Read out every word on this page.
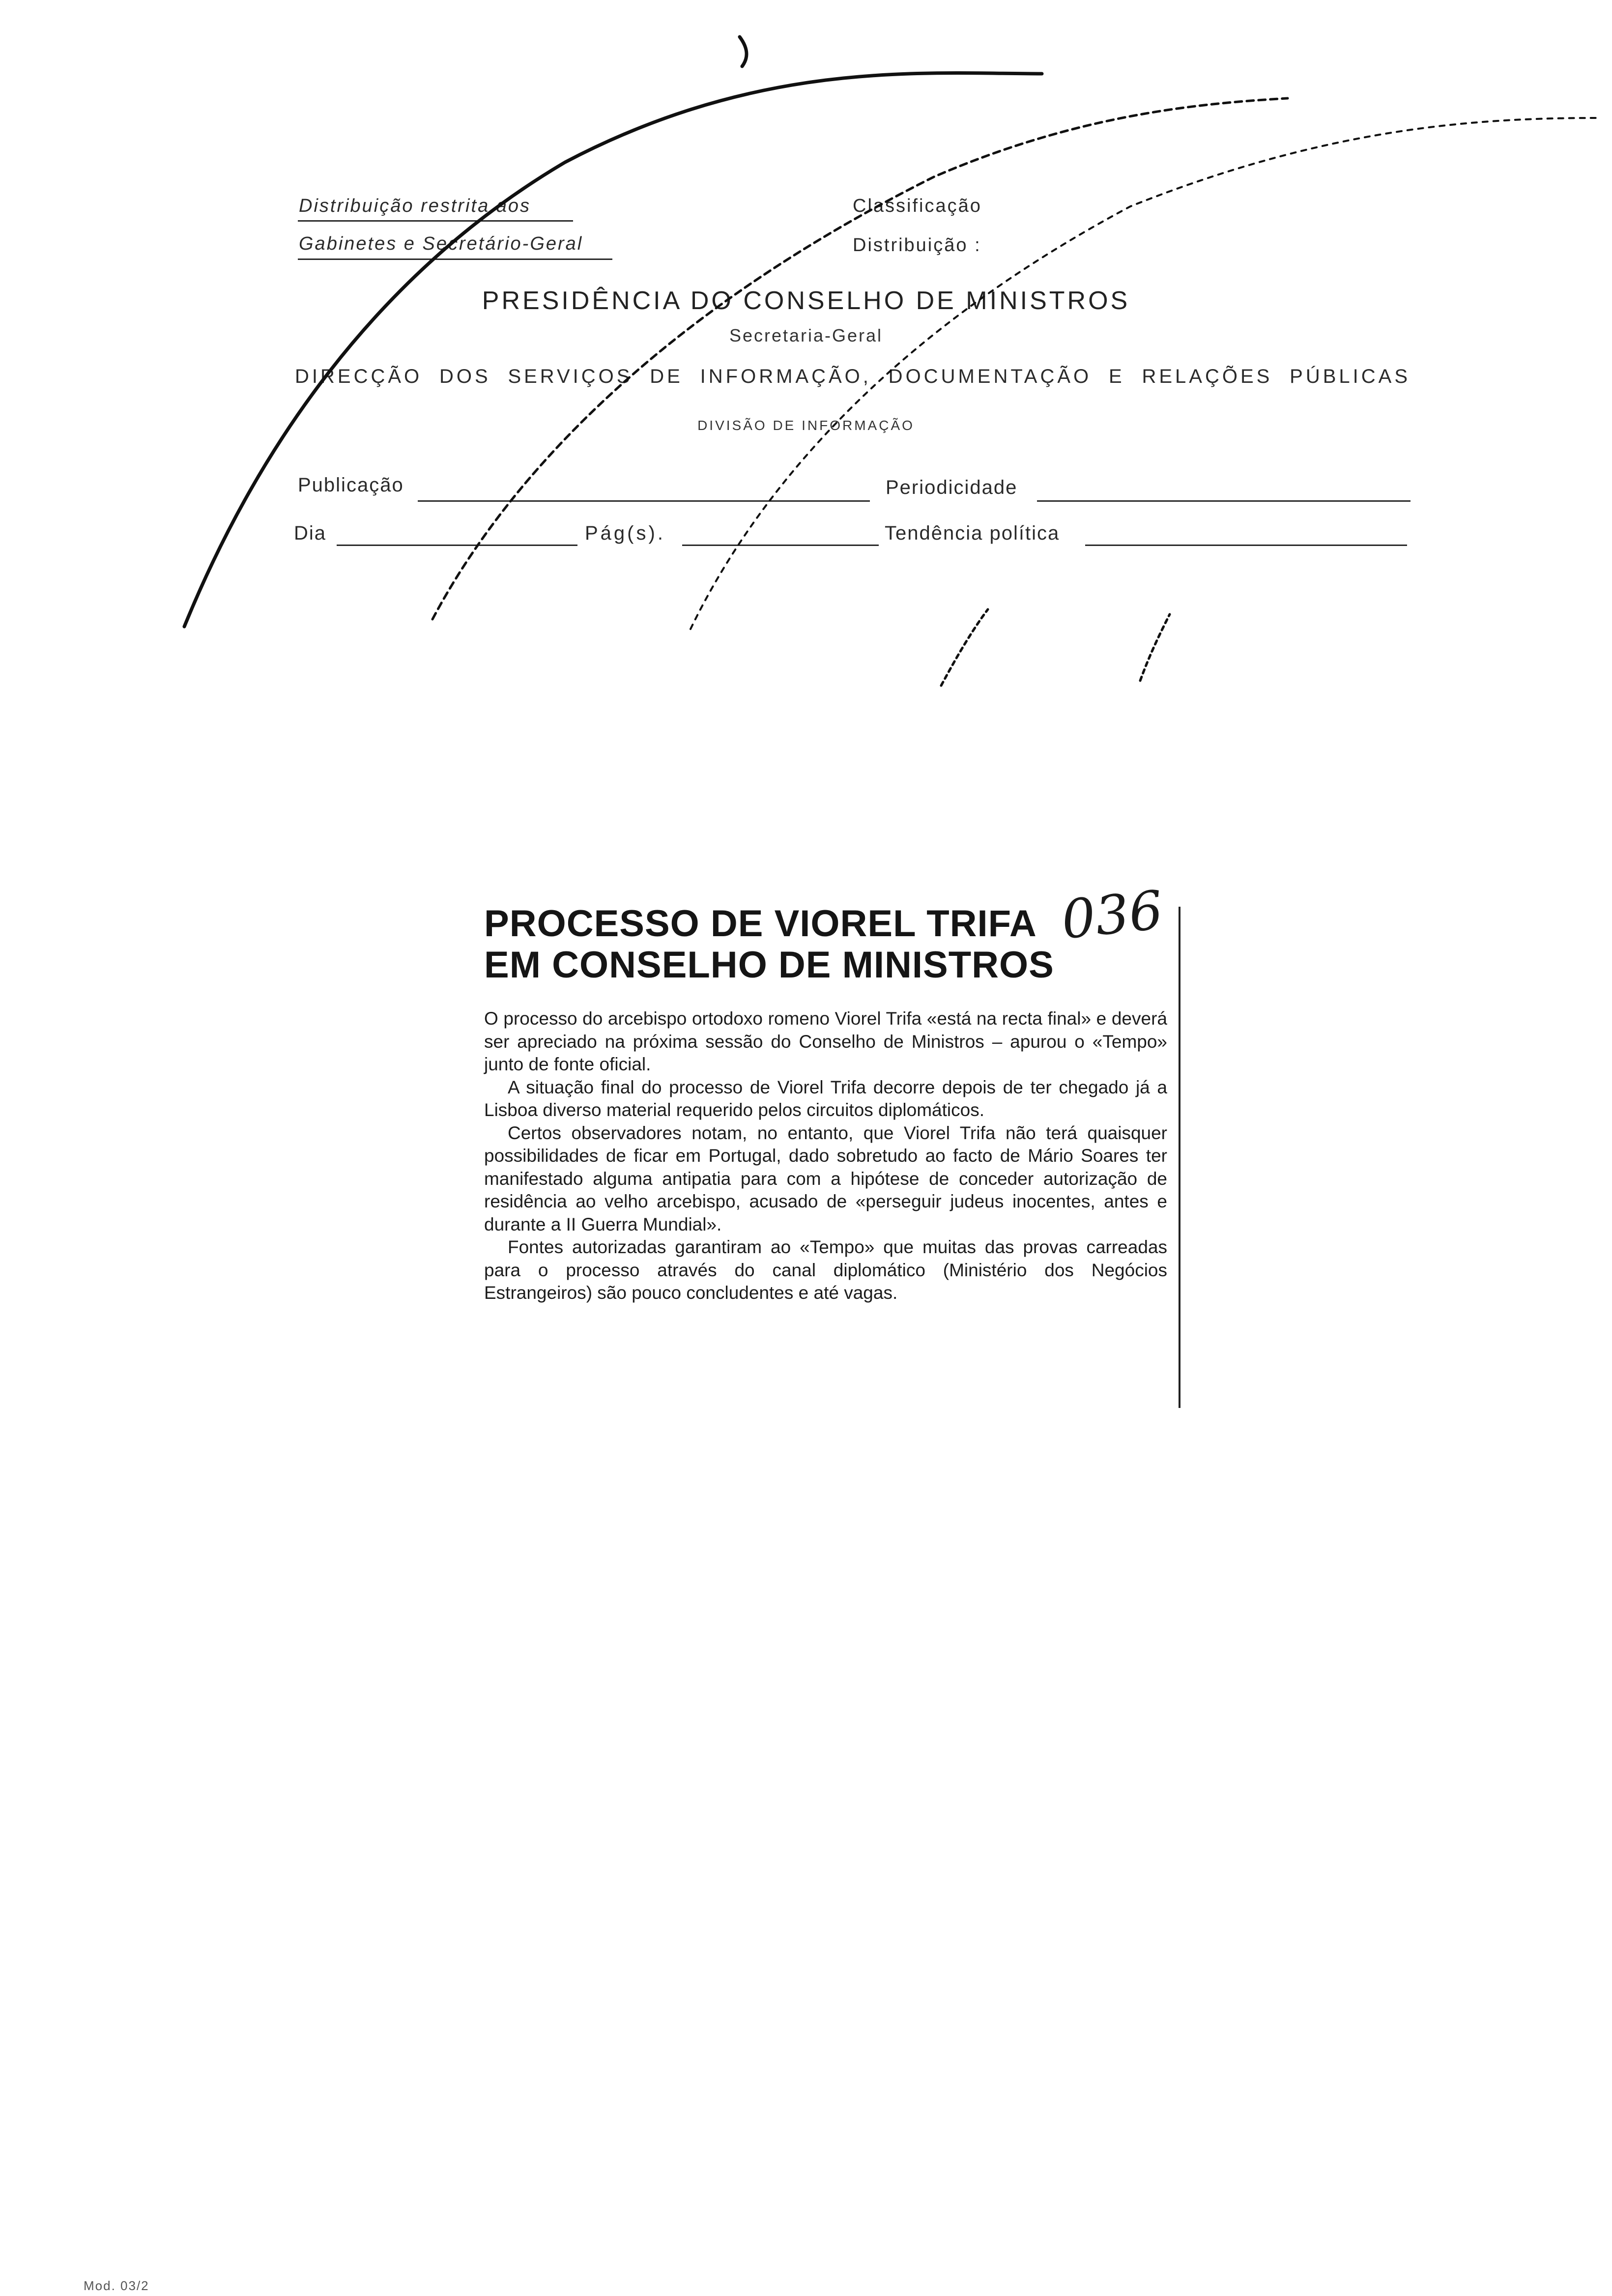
Distribuição restrita aos
Gabinetes e Secretário-Geral
Classificação
Distribuição :
PRESIDÊNCIA DO CONSELHO DE MINISTROS
Secretaria-Geral
DIRECÇÃO DOS SERVIÇOS DE INFORMAÇÃO, DOCUMENTAÇÃO E RELAÇÕES PÚBLICAS
DIVISÃO DE INFORMAÇÃO
Publicação	Periodicidade
Dia	Pág(s).	Tendência política
PROCESSO DE VIOREL TRIFA
EM CONSELHO DE MINISTROS
036

O processo do arcebispo ortodoxo romeno Viorel Trifa «está na recta final» e deverá ser apreciado na próxima sessão do Conselho de Ministros – apurou o «Tempo» junto de fonte oficial.

A situação final do processo de Viorel Trifa decorre depois de ter chegado já a Lisboa diverso material requerido pelos circuitos diplomáticos.

Certos observadores notam, no entanto, que Viorel Trifa não terá quaisquer possibilidades de ficar em Portugal, dado sobretudo ao facto de Mário Soares ter manifestado alguma antipatia para com a hipótese de conceder autorização de residência ao velho arcebispo, acusado de «perseguir judeus inocentes, antes e durante a II Guerra Mundial».

Fontes autorizadas garantiram ao «Tempo» que muitas das provas carreadas para o processo através do canal diplomático (Ministério dos Negócios Estrangeiros) são pouco concludentes e até vagas.

Mod. 03/2
